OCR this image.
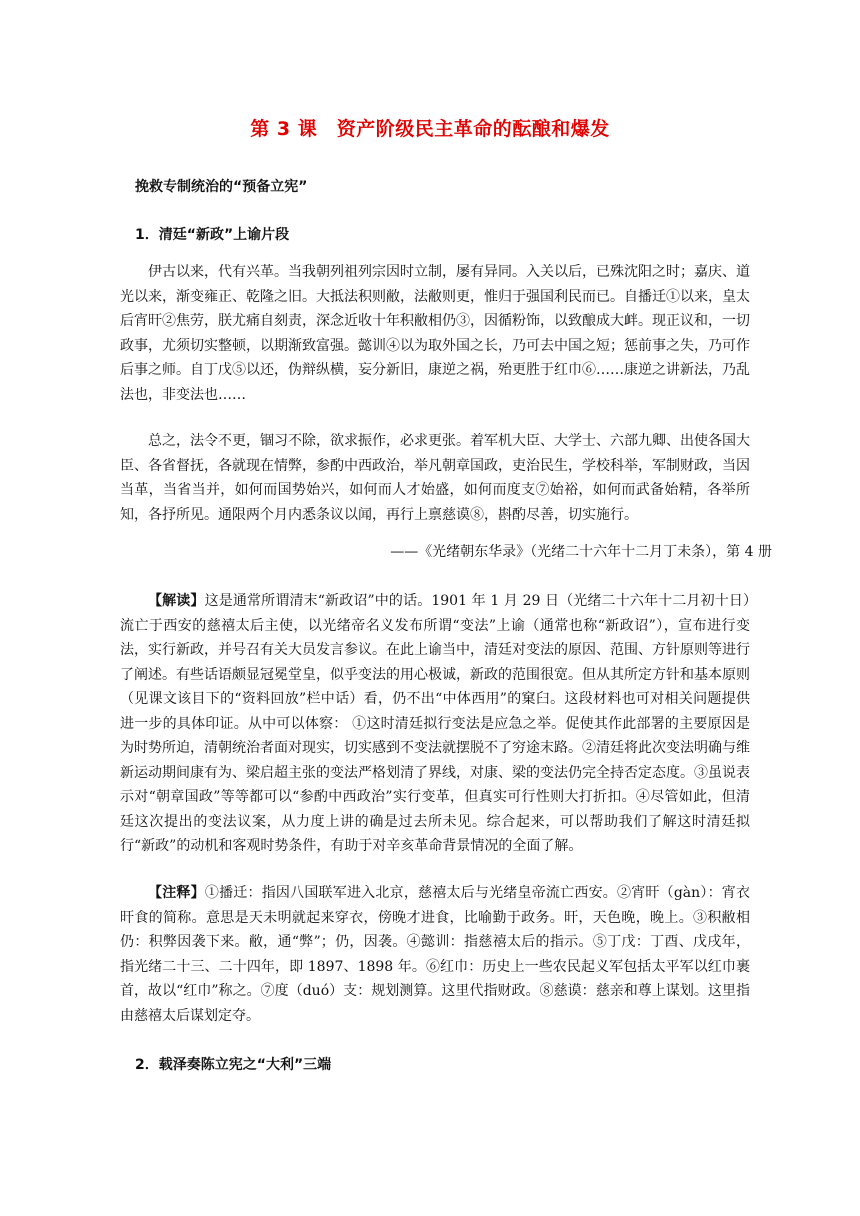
第 3 课　资产阶级民主革命的酝酿和爆发
挽救专制统治的“预备立宪”
1．清廷“新政”上谕片段

伊古以来，代有兴革。当我朝列祖列宗因时立制，屡有异同。入关以后，已殊沈阳之时；嘉庆、道光以来，渐变雍正、乾隆之旧。大抵法积则敝，法敝则更，惟归于强国利民而已。自播迁①以来，皇太后宵旰②焦劳，朕尤痛自刻责，深念近收十年积敝相仍③，因循粉饰，以致酿成大衅。现正议和，一切政事，尤须切实整顿，以期渐致富强。懿训④以为取外国之长，乃可去中国之短；惩前事之失，乃可作后事之师。自丁戊⑤以还，伪辩纵横，妄分新旧，康逆之祸，殆更胜于红巾⑥……康逆之讲新法，乃乱法也，非变法也……

总之，法令不更，锢习不除，欲求振作，必求更张。着军机大臣、大学士、六部九卿、出使各国大臣、各省督抚，各就现在情弊，参酌中西政治，举凡朝章国政，吏治民生，学校科举，军制财政，当因当革，当省当并，如何而国势始兴，如何而人才始盛，如何而度支⑦始裕，如何而武备始精，各举所知，各抒所见。通限两个月内悉条议以闻，再行上禀慈谟⑧，斟酌尽善，切实施行。

——《光绪朝东华录》（光绪二十六年十二月丁未条），第 4 册

【解读】这是通常所谓清末“新政诏”中的话。1901 年 1 月 29 日（光绪二十六年十二月初十日）流亡于西安的慈禧太后主使，以光绪帝名义发布所谓“变法”上谕（通常也称“新政诏”），宣布进行变法，实行新政，并号召有关大员发言参议。在此上谕当中，清廷对变法的原因、范围、方针原则等进行了阐述。有些话语颇显冠冕堂皇，似乎变法的用心极诚，新政的范围很宽。但从其所定方针和基本原则（见课文该目下的“资料回放”栏中话）看，仍不出“中体西用”的窠臼。这段材料也可对相关问题提供进一步的具体印证。从中可以体察： ①这时清廷拟行变法是应急之举。促使其作此部署的主要原因是为时势所迫，清朝统治者面对现实，切实感到不变法就摆脱不了穷途末路。②清廷将此次变法明确与维新运动期间康有为、梁启超主张的变法严格划清了界线，对康、梁的变法仍完全持否定态度。③虽说表示对“朝章国政”等等都可以“参酌中西政治”实行变革，但真实可行性则大打折扣。④尽管如此，但清廷这次提出的变法议案，从力度上讲的确是过去所未见。综合起来，可以帮助我们了解这时清廷拟行“新政”的动机和客观时势条件，有助于对辛亥革命背景情况的全面了解。

【注释】①播迁：指因八国联军进入北京，慈禧太后与光绪皇帝流亡西安。②宵旰（gàn）：宵衣旰食的简称。意思是天未明就起来穿衣，傍晚才进食，比喻勤于政务。旰，天色晚，晚上。③积敝相仍：积弊因袭下来。敝，通“弊”；仍，因袭。④懿训：指慈禧太后的指示。⑤丁戊：丁酉、戊戌年，指光绪二十三、二十四年，即 1897、1898 年。⑥红巾：历史上一些农民起义军包括太平军以红巾裹首，故以“红巾”称之。⑦度（duó）支：规划测算。这里代指财政。⑧慈谟：慈亲和尊上谋划。这里指由慈禧太后谋划定夺。

2．载泽奏陈立宪之“大利”三端
